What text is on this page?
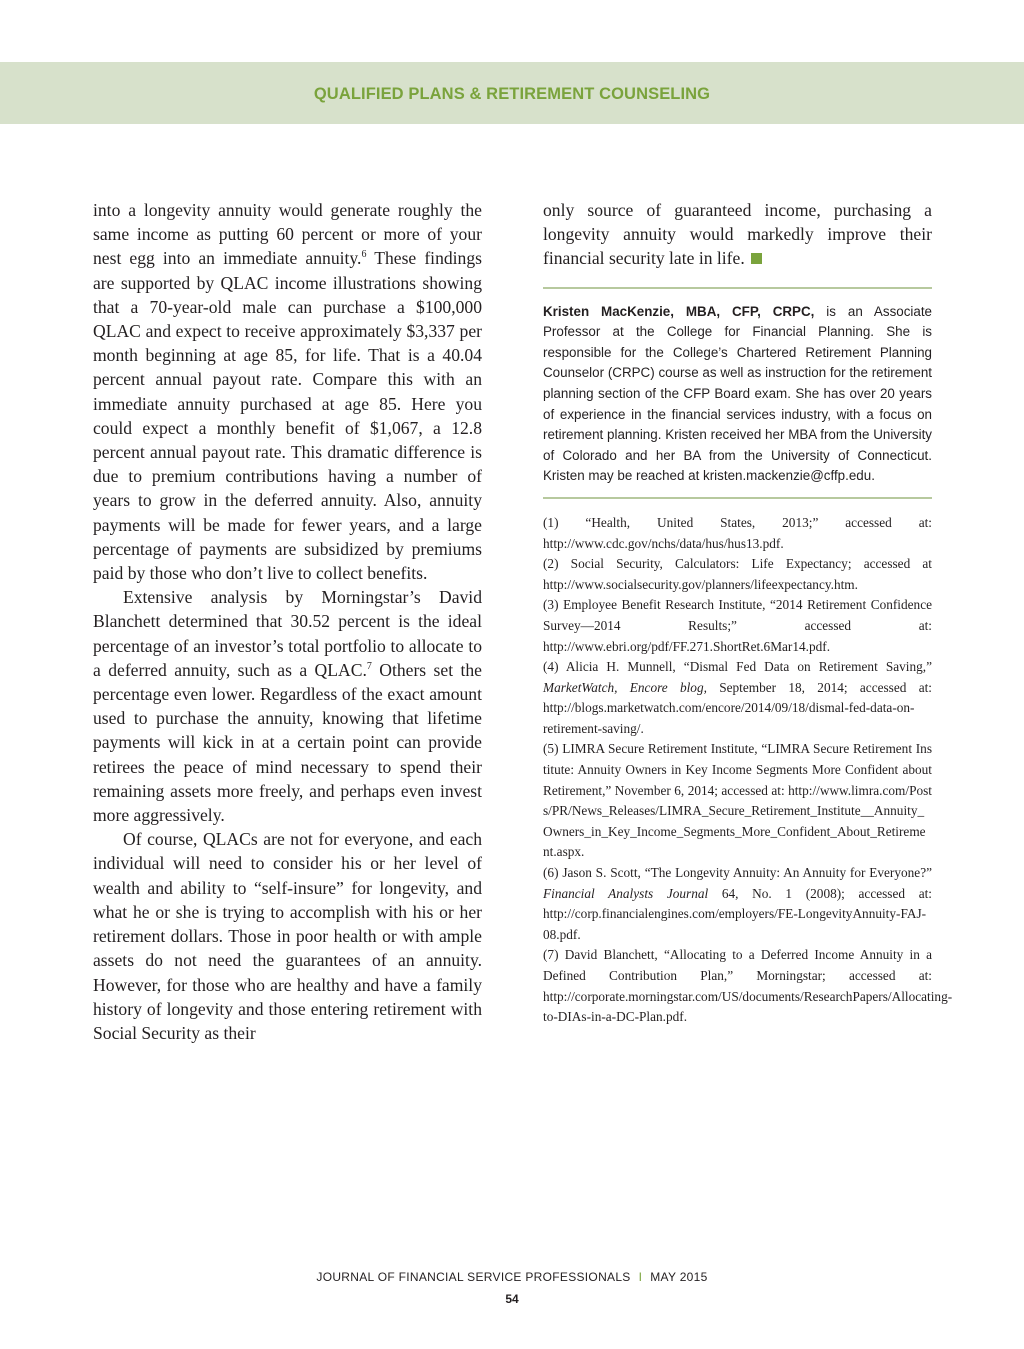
QUALIFIED PLANS & RETIREMENT COUNSELING

into a longevity annuity would generate roughly the same income as putting 60 percent or more of your nest egg into an immediate annuity.$^6$ These findings are supported by QLAC income illustrations showing that a 70-year-old male can purchase a $100,000 QLAC and expect to receive approximately $3,337 per month beginning at age 85, for life. That is a 40.04 percent annual payout rate. Compare this with an immediate annuity purchased at age 85. Here you could expect a monthly benefit of $1,067, a 12.8 percent annual payout rate. This dramatic difference is due to premium contributions having a number of years to grow in the deferred annuity. Also, annuity payments will be made for fewer years, and a large percentage of payments are subsidized by premiums paid by those who don’t live to collect benefits.

Extensive analysis by Morningstar’s David Blanchett determined that 30.52 percent is the ideal percentage of an investor’s total portfolio to allocate to a deferred annuity, such as a QLAC.$^7$ Others set the percentage even lower. Regardless of the exact amount used to purchase the annuity, knowing that lifetime payments will kick in at a certain point can provide retirees the peace of mind necessary to spend their remaining assets more freely, and perhaps even invest more aggressively.

Of course, QLACs are not for everyone, and each individual will need to consider his or her level of wealth and ability to “self-insure” for longevity, and what he or she is trying to accomplish with his or her retirement dollars. Those in poor health or with ample assets do not need the guarantees of an annuity. However, for those who are healthy and have a family history of longevity and those entering retirement with Social Security as their

only source of guaranteed income, purchasing a longevity annuity would markedly improve their financial security late in life.

Kristen MacKenzie, MBA, CFP, CRPC, is an Associate Professor at the College for Financial Planning. She is responsible for the College’s Chartered Retirement Planning Counselor (CRPC) course as well as instruction for the retirement planning section of the CFP Board exam. She has over 20 years of experience in the financial services industry, with a focus on retirement planning. Kristen received her MBA from the University of Colorado and her BA from the University of Connecticut. Kristen may be reached at kristen.mackenzie@cffp.edu.

(1) “Health, United States, 2013;” accessed at: http://www.cdc.gov/nchs/data/hus/hus13.pdf.

(2) Social Security, Calculators: Life Expectancy; accessed at http://www.socialsecurity.gov/planners/lifeexpectancy.htm.

(3) Employee Benefit Research Institute, “2014 Retirement Confidence Survey—2014 Results;” accessed at: http://www.ebri.org/pdf/FF.271.ShortRet.6Mar14.pdf.

(4) Alicia H. Munnell, “Dismal Fed Data on Retirement Saving,” MarketWatch, Encore blog, September 18, 2014; accessed at: http://blogs.marketwatch.com/encore/2014/09/18/dismal-fed-data-on-retirement-saving/.

(5) LIMRA Secure Retirement Institute, “LIMRA Secure Retirement Institute: Annuity Owners in Key Income Segments More Confident about Retirement,” November 6, 2014; accessed at: http://www.limra.com/Posts/PR/News_Releases/LIMRA_Secure_Retirement_Institute__Annuity_Owners_in_Key_Income_Segments_More_Confident_About_Retirement.aspx.

(6) Jason S. Scott, “The Longevity Annuity: An Annuity for Everyone?” Financial Analysts Journal 64, No. 1 (2008); accessed at: http://corp.financialengines.com/employers/FE-LongevityAnnuity-FAJ-08.pdf.

(7) David Blanchett, “Allocating to a Deferred Income Annuity in a Defined Contribution Plan,” Morningstar; accessed at: http://corporate.morningstar.com/US/documents/ResearchPapers/Allocating-to-DIAs-in-a-DC-Plan.pdf.

JOURNAL OF FINANCIAL SERVICE PROFESSIONALS I MAY 2015
54
